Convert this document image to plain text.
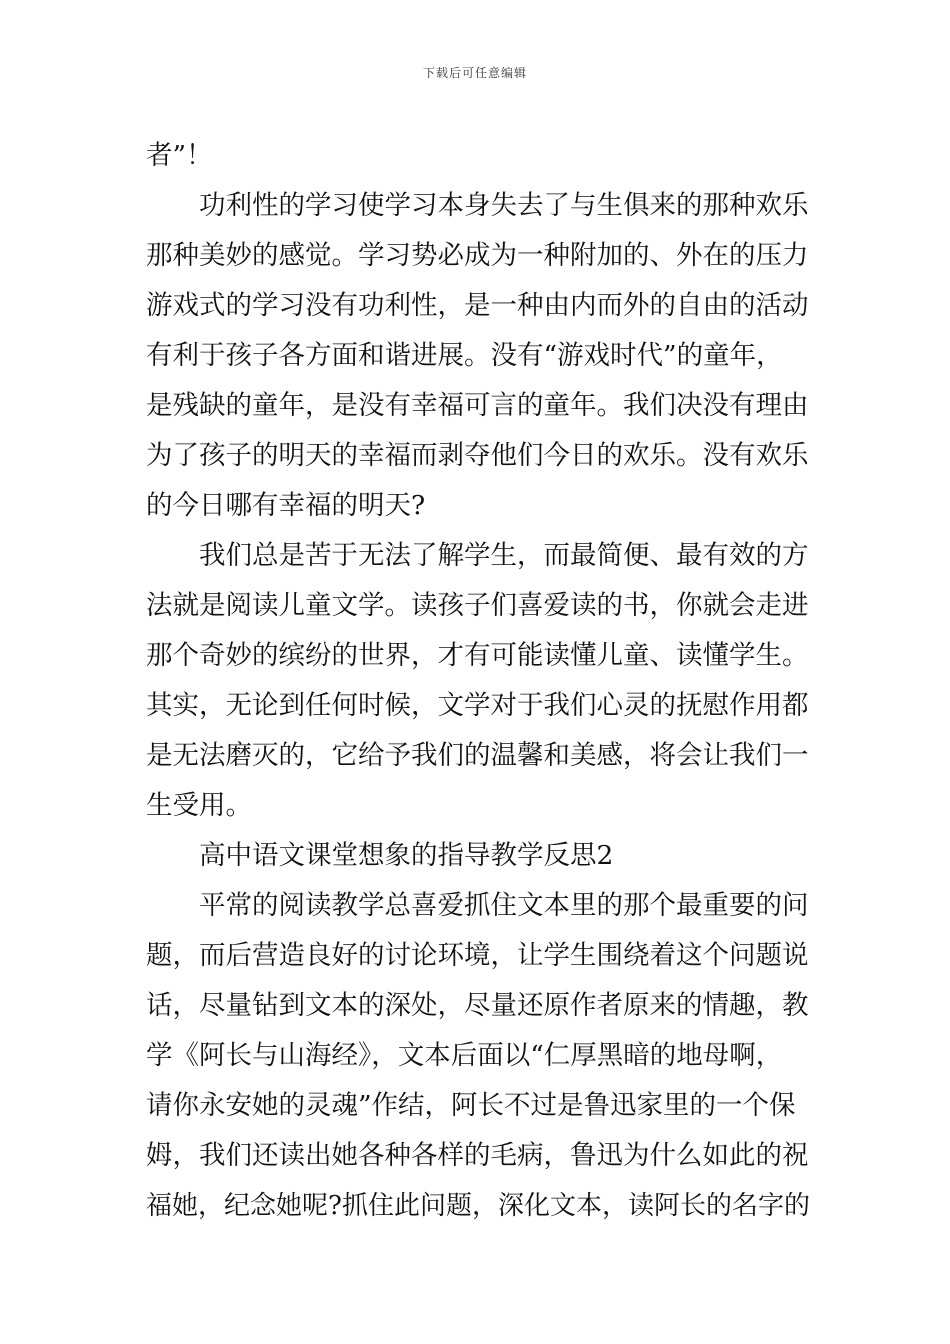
下载后可任意编辑
者”！
功利性的学习使学习本身失去了与生俱来的那种欢乐
那种美妙的感觉。学习势必成为一种附加的、外在的压力
游戏式的学习没有功利性，是一种由内而外的自由的活动
有利于孩子各方面和谐进展。没有“游戏时代”的童年，
是残缺的童年，是没有幸福可言的童年。我们决没有理由
为了孩子的明天的幸福而剥夺他们今日的欢乐。没有欢乐
的今日哪有幸福的明天?
我们总是苦于无法了解学生，而最简便、最有效的方
法就是阅读儿童文学。读孩子们喜爱读的书，你就会走进
那个奇妙的缤纷的世界，才有可能读懂儿童、读懂学生。
其实，无论到任何时候，文学对于我们心灵的抚慰作用都
是无法磨灭的，它给予我们的温馨和美感，将会让我们一
生受用。
高中语文课堂想象的指导教学反思2
平常的阅读教学总喜爱抓住文本里的那个最重要的问
题，而后营造良好的讨论环境，让学生围绕着这个问题说
话，尽量钻到文本的深处，尽量还原作者原来的情趣，教
学《阿长与山海经》，文本后面以“仁厚黑暗的地母啊，
请你永安她的灵魂”作结，阿长不过是鲁迅家里的一个保
姆，我们还读出她各种各样的毛病，鲁迅为什么如此的祝
福她，纪念她呢?抓住此问题，深化文本，读阿长的名字的
